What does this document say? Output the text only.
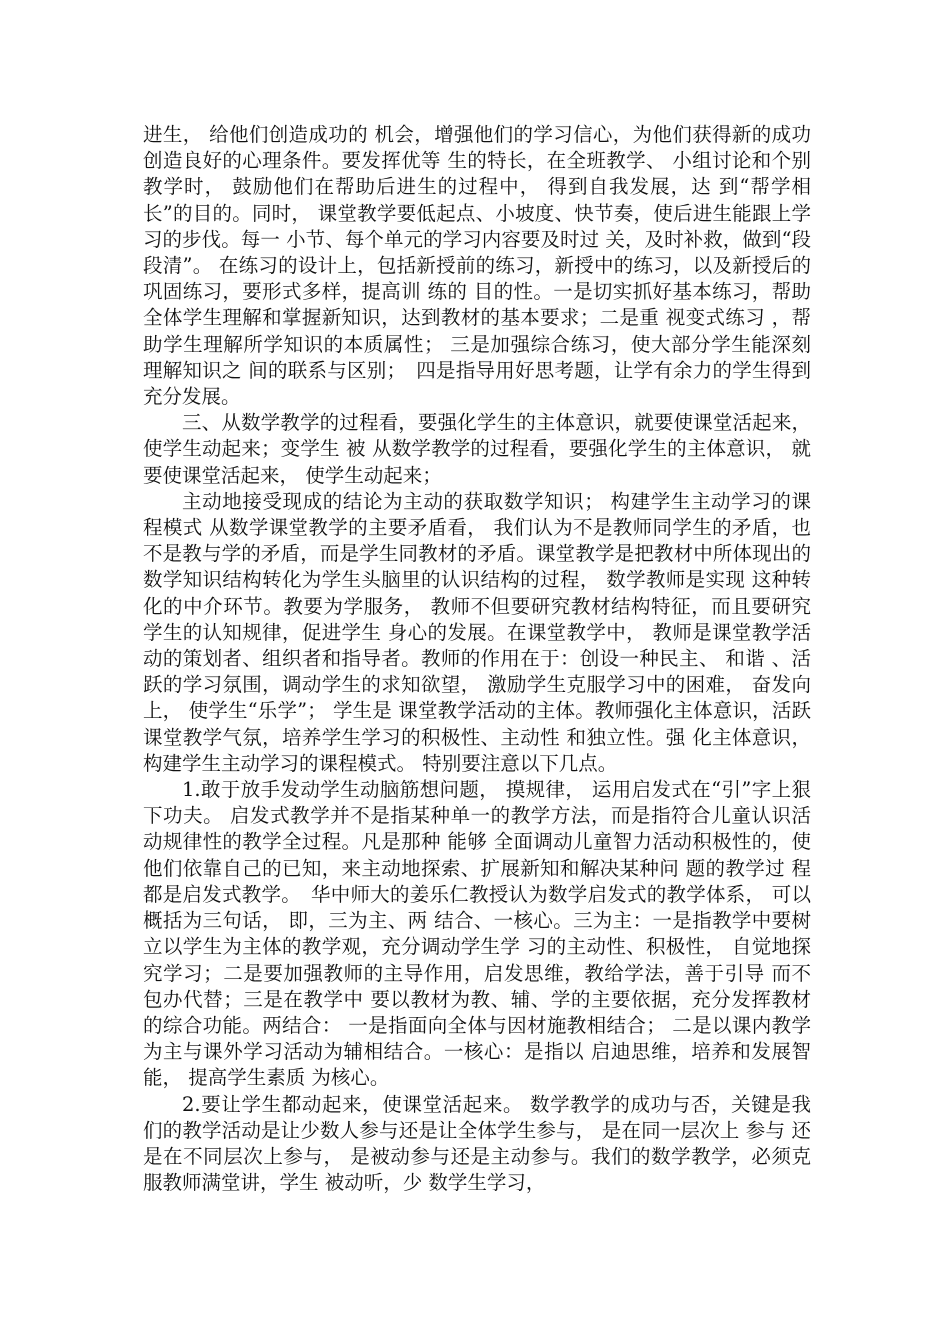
进生， 给他们创造成功的 机会，增强他们的学习信心，为他们获得新的成功创造良好的心理条件。要发挥优等 生的特长，在全班教学、 小组讨论和个别教学时， 鼓励他们在帮助后进生的过程中， 得到自我发展，达 到“帮学相长”的目的。同时， 课堂教学要低起点、小坡度、快节奏，使后进生能跟上学习的步伐。每一 小节、每个单元的学习内容要及时过 关，及时补救，做到“段段清”。 在练习的设计上，包括新授前的练习，新授中的练习，以及新授后的巩固练习，要形式多样，提高训 练的 目的性。一是切实抓好基本练习，帮助全体学生理解和掌握新知识，达到教材的基本要求；二是重 视变式练习 ，帮助学生理解所学知识的本质属性； 三是加强综合练习，使大部分学生能深刻理解知识之 间的联系与区别；　四是指导用好思考题，让学有余力的学生得到充分发展。

三、从数学教学的过程看，要强化学生的主体意识，就要使课堂活起来，使学生动起来；变学生 被 从数学教学的过程看，要强化学生的主体意识， 就要使课堂活起来， 使学生动起来；

主动地接受现成的结论为主动的获取数学知识； 构建学生主动学习的课程模式 从数学课堂教学的主要矛盾看， 我们认为不是教师同学生的矛盾，也不是教与学的矛盾，而是学生同教材的矛盾。课堂教学是把教材中所体现出的数学知识结构转化为学生头脑里的认识结构的过程， 数学教师是实现 这种转化的中介环节。教要为学服务， 教师不但要研究教材结构特征，而且要研究学生的认知规律，促进学生 身心的发展。在课堂教学中， 教师是课堂教学活动的策划者、组织者和指导者。教师的作用在于：创设一种民主、 和谐 、活跃的学习氛围，调动学生的求知欲望， 激励学生克服学习中的困难， 奋发向上， 使学生“乐学”； 学生是 课堂教学活动的主体。教师强化主体意识，活跃课堂教学气氛，培养学生学习的积极性、主动性 和独立性。强 化主体意识，构建学生主动学习的课程模式。 特别要注意以下几点。

1.敢于放手发动学生动脑筋想问题， 摸规律， 运用启发式在“引”字上狠下功夫。 启发式教学并不是指某种单一的教学方法，而是指符合儿童认识活动规律性的教学全过程。凡是那种 能够 全面调动儿童智力活动积极性的，使他们依靠自己的已知，来主动地探索、扩展新知和解决某种问 题的教学过 程都是启发式教学。　华中师大的姜乐仁教授认为数学启发式的教学体系， 可以概括为三句话， 即，三为主、两 结合、一核心。三为主：一是指教学中要树立以学生为主体的教学观，充分调动学生学 习的主动性、积极性， 自觉地探究学习；二是要加强教师的主导作用，启发思维，教给学法，善于引导 而不包办代替；三是在教学中 要以教材为教、辅、学的主要依据，充分发挥教材的综合功能。两结合： 一是指面向全体与因材施教相结合； 二是以课内教学为主与课外学习活动为辅相结合。一核心：是指以 启迪思维，培养和发展智能， 提高学生素质 为核心。

2.要让学生都动起来，使课堂活起来。 数学教学的成功与否，关键是我们的教学活动是让少数人参与还是让全体学生参与， 是在同一层次上 参与 还是在不同层次上参与， 是被动参与还是主动参与。我们的数学教学，必须克服教师满堂讲，学生 被动听，少 数学生学习，
